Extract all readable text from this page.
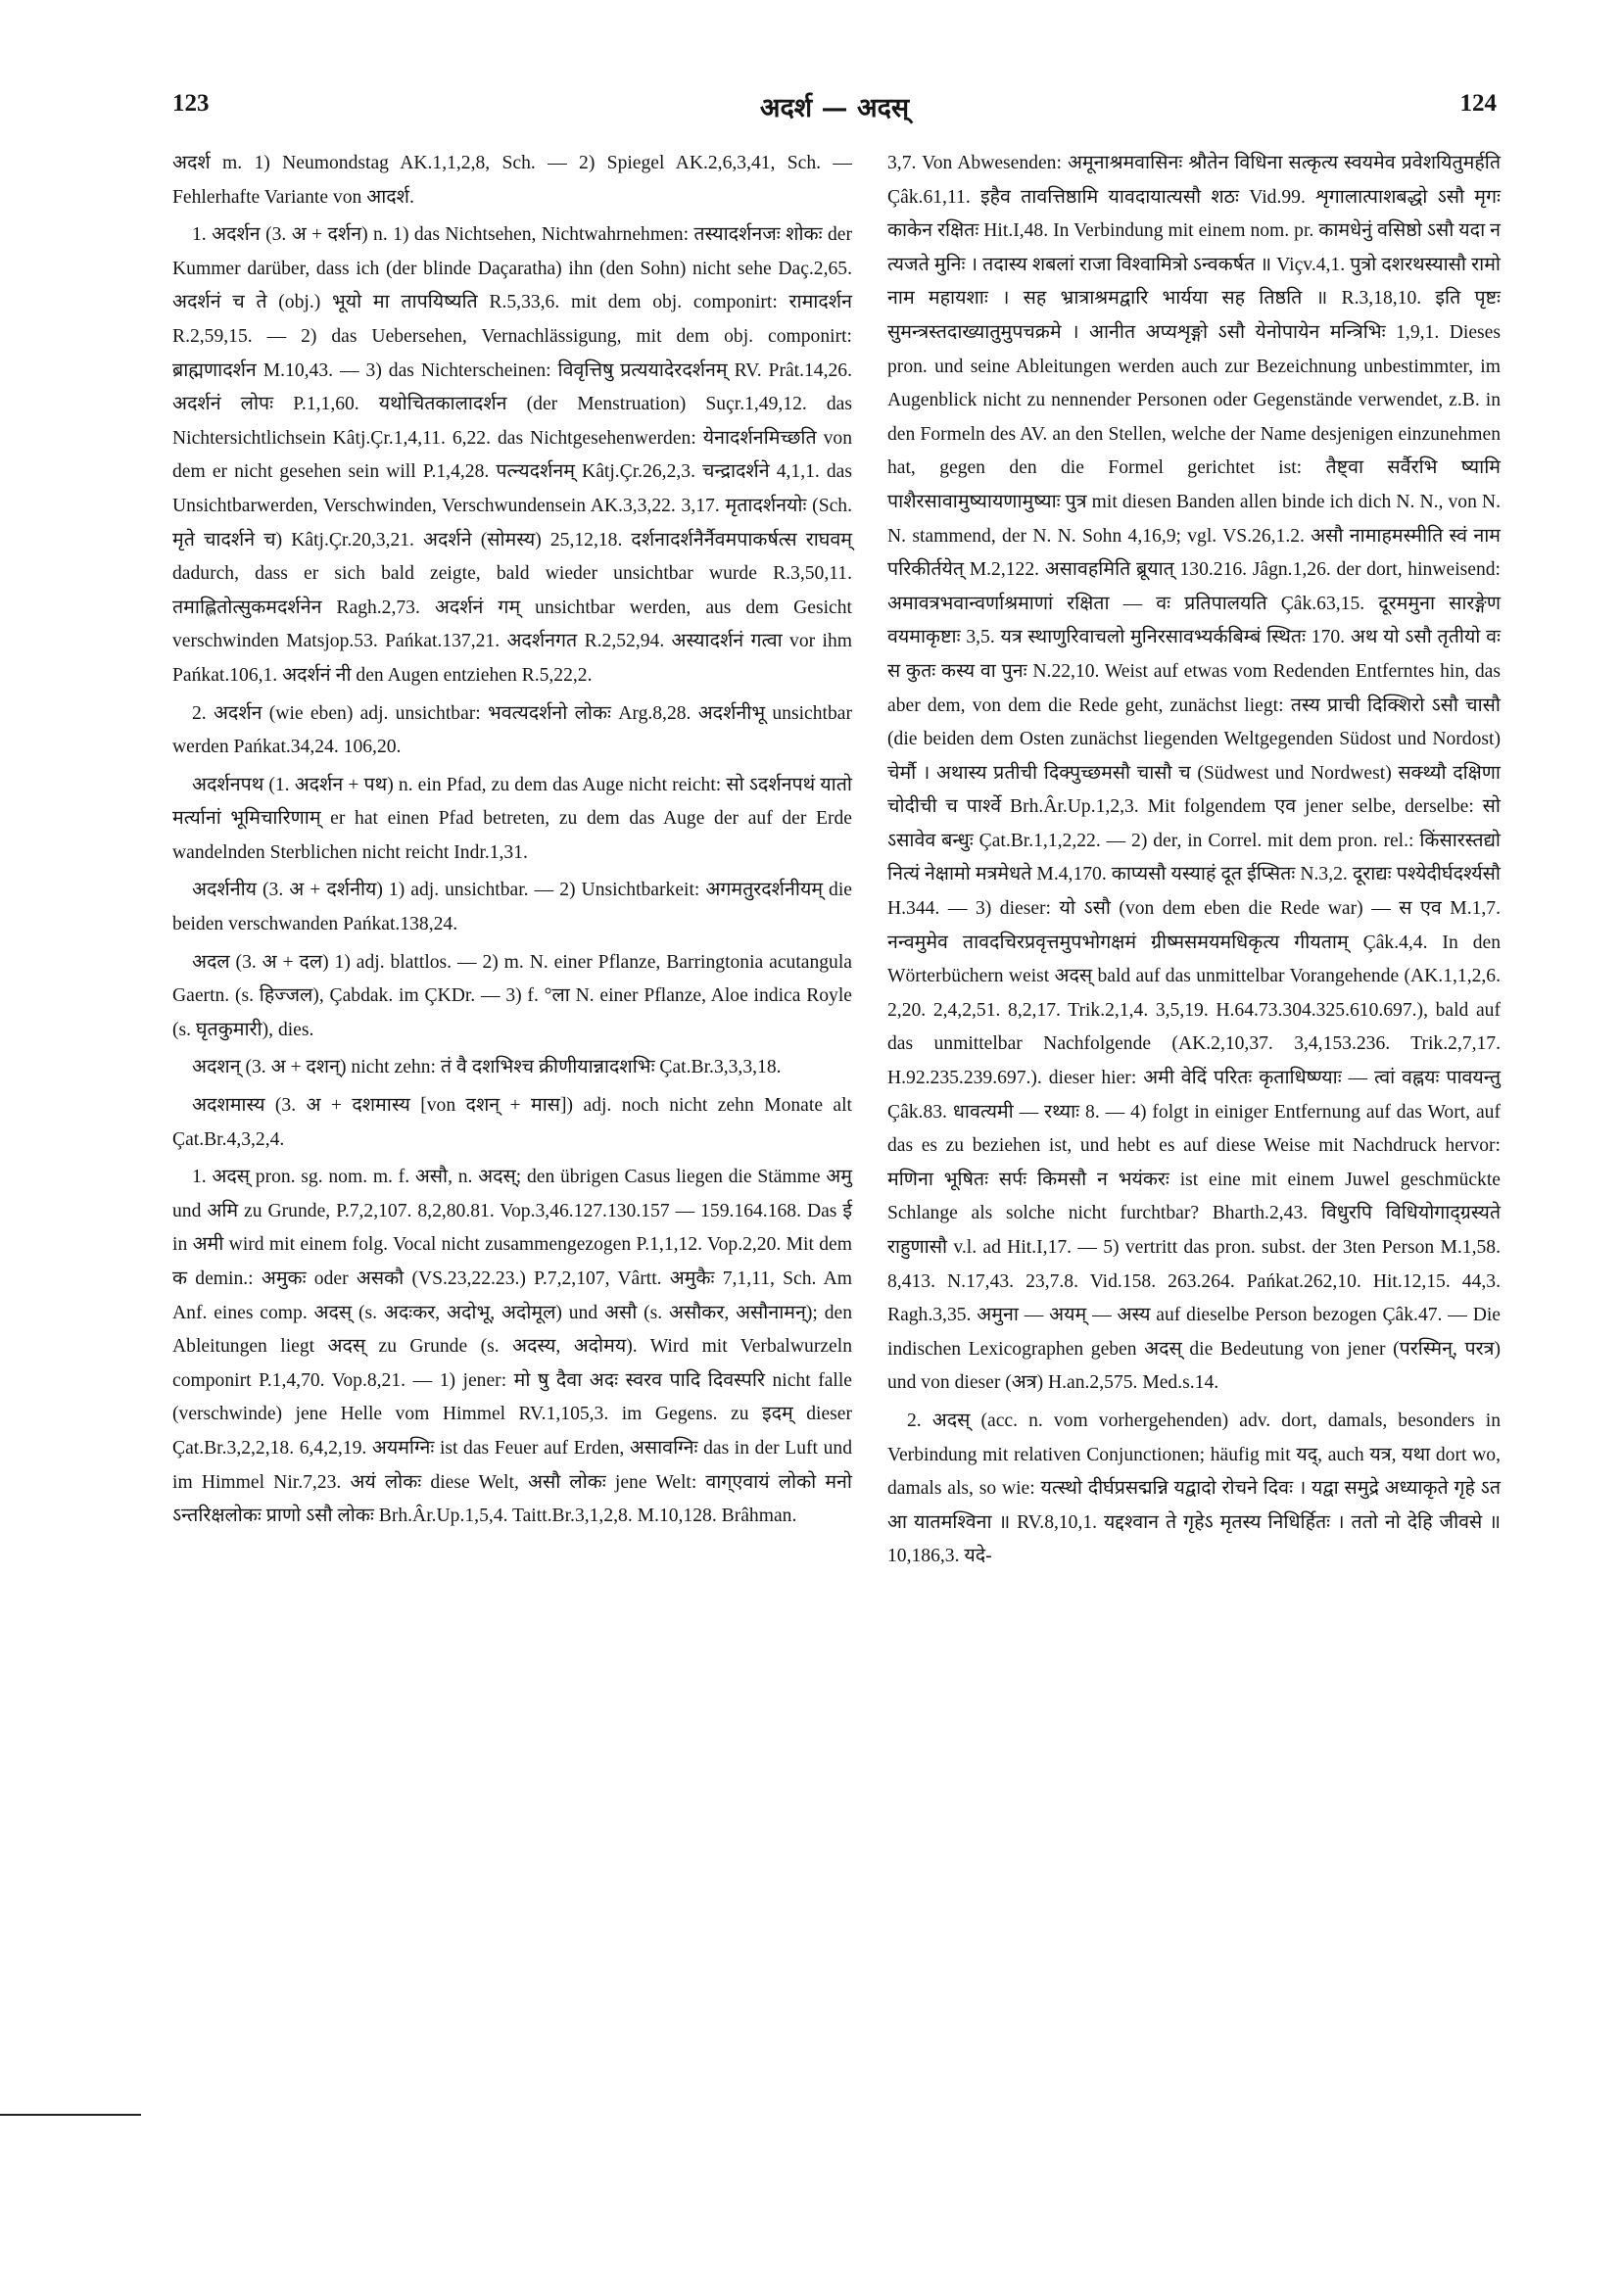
123	अदर्श — अदस्	124

अदर्श m. 1) Neumondstag AK.1,1,2,8, Sch. — 2) Spiegel AK.2,6,3,41, Sch. — Fehlerhafte Variante von आदर्श.

1. अदर्शन (3. अ + दर्शन) n. 1) das Nichtsehen, Nichtwahrnehmen: तस्यादर्शनजः शोकः der Kummer darüber, dass ich (der blinde Daçaratha) ihn (den Sohn) nicht sehe Daç.2,65. अदर्शनं च ते (obj.) भूयो मा तापयिष्यति R.5,33,6. mit dem obj. componirt: रामादर्शन R.2,59,15. — 2) das Uebersehen, Vernachlässigung, mit dem obj. componirt: ब्राह्मणादर्शन M.10,43. — 3) das Nichterscheinen: विवृत्तिषु प्रत्ययादेरदर्शनम् RV. Prât.14,26. अदर्शनं लोपः P.1,1,60. यथोचितकालादर्शन (der Menstruation) Suçr.1,49,12. das Nichtersichtlichsein Kâtj.Çr.1,4,11. 6,22. das Nichtgesehenwerden: येनादर्शनमिच्छति von dem er nicht gesehen sein will P.1,4,28. पत्न्यदर्शनम् Kâtj.Çr.26,2,3. चन्द्रादर्शने 4,1,1. das Unsichtbarwerden, Verschwinden, Verschwundensein AK.3,3,22. 3,17. मृतादर्शनयोः (Sch. मृते चादर्शने च) Kâtj.Çr.20,3,21. अदर्शने (सोमस्य) 25,12,18. दर्शनादर्शनैर्नैवमपाकर्षत्स राघवम् dadurch, dass er sich bald zeigte, bald wieder unsichtbar wurde R.3,50,11. तमाह्लितोत्सुकमदर्शनेन Ragh.2,73. अदर्शनं गम् unsichtbar werden, aus dem Gesicht verschwinden Matsjop.53. Pańkat.137,21. अदर्शनगत R.2,52,94. अस्यादर्शनं गत्वा vor ihm Pańkat.106,1. अदर्शनं नी den Augen entziehen R.5,22,2.

2. अदर्शन (wie eben) adj. unsichtbar: भवत्यदर्शनो लोकः Arg.8,28. अदर्शनीभू unsichtbar werden Pańkat.34,24. 106,20.

अदर्शनपथ (1. अदर्शन + पथ) n. ein Pfad, zu dem das Auge nicht reicht: सो ऽदर्शनपथं यातो मर्त्यानां भूमिचारिणाम् er hat einen Pfad betreten, zu dem das Auge der auf der Erde wandelnden Sterblichen nicht reicht Indr.1,31.

अदर्शनीय (3. अ + दर्शनीय) 1) adj. unsichtbar. — 2) Unsichtbarkeit: अगमतुरदर्शनीयम् die beiden verschwanden Pańkat.138,24.

अदल (3. अ + दल) 1) adj. blattlos. — 2) m. N. einer Pflanze, Barringtonia acutangula Gaertn. (s. हिज्जल), Çabdak. im ÇKDr. — 3) f. °ला N. einer Pflanze, Aloe indica Royle (s. घृतकुमारी), dies.

अदशन् (3. अ + दशन्) nicht zehn: तं वै दशभिश्च क्रीणीयान्नादशभिः Çat.Br.3,3,3,18.

अदशमास्य (3. अ + दशमास्य [von दशन् + मास]) adj. noch nicht zehn Monate alt Çat.Br.4,3,2,4.

1. अदस् pron. sg. nom. m. f. असौ, n. अदस्; den übrigen Casus liegen die Stämme अमु und अमि zu Grunde, P.7,2,107. 8,2,80.81. Vop.3,46.127.130.157 — 159.164.168. Das ई in अमी wird mit einem folg. Vocal nicht zusammengezogen P.1,1,12. Vop.2,20. Mit dem क demin.: अमुकः oder असकौ (VS.23,22.23.) P.7,2,107, Vârtt. अमुकैः 7,1,11, Sch. Am Anf. eines comp. अदस् (s. अदःकर, अदोभू, अदोमूल) und असौ (s. असौकर, असौनामन्); den Ableitungen liegt अदस् zu Grunde (s. अदस्य, अदोमय). Wird mit Verbalwurzeln componirt P.1,4,70. Vop.8,21. — 1) jener: मो षु दैवा अदः स्वरव पादि दिवस्परि nicht falle (verschwinde) jene Helle vom Himmel RV.1,105,3. im Gegens. zu इदम् dieser Çat.Br.3,2,2,18. 6,4,2,19. अयमग्निः ist das Feuer auf Erden, असावग्निः das in der Luft und im Himmel Nir.7,23. अयं लोकः diese Welt, असौ लोकः jene Welt: वाग्एवायं लोको मनो ऽन्तरिक्षलोकः प्राणो ऽसौ लोकः Brh.Âr.Up.1,5,4. Taitt.Br.3,1,2,8. M.10,128. Brâhman.

3,7. Von Abwesenden: अमूनाश्रमवासिनः श्रौतेन विधिना सत्कृत्य स्वयमेव प्रवेशयितुमर्हति Çâk.61,11. इहैव तावत्तिष्ठामि यावदायात्यसौ शठः Vid.99. शृगालात्पाशबद्धो ऽसौ मृगः काकेन रक्षितः Hit.I,48. In Verbindung mit einem nom. pr. कामधेनुं वसिष्ठो ऽसौ यदा न त्यजते मुनिः । तदास्य शबलां राजा विश्वामित्रो ऽन्वकर्षत ॥ Viçv.4,1. पुत्रो दशरथस्यासौ रामो नाम महायशाः । सह भ्रात्राश्रमद्वारि भार्यया सह तिष्ठति ॥ R.3,18,10. इति पृष्टः सुमन्त्रस्तदाख्यातुमुपचक्रमे । आनीत अप्यशृङ्गो ऽसौ येनोपायेन मन्त्रिभिः 1,9,1. Dieses pron. und seine Ableitungen werden auch zur Bezeichnung unbestimmter, im Augenblick nicht zu nennender Personen oder Gegenstände verwendet, z.B. in den Formeln des AV. an den Stellen, welche der Name desjenigen einzunehmen hat, gegen den die Formel gerichtet ist: तैष्ट्वा सर्वैरभि ष्यामि पाशैरसावामुष्यायणामुष्याः पुत्र mit diesen Banden allen binde ich dich N. N., von N. N. stammend, der N. N. Sohn 4,16,9; vgl. VS.26,1.2. असौ नामाहमस्मीति स्वं नाम परिकीर्तयेत् M.2,122. असावहमिति ब्रूयात् 130.216. Jâgn.1,26. der dort, hinweisend: अमावत्रभवान्वर्णाश्रमाणां रक्षिता — वः प्रतिपालयति Çâk.63,15. दूरममुना सारङ्गेण वयमाकृष्टाः 3,5. यत्र स्थाणुरिवाचलो मुनिरसावभ्यर्कबिम्बं स्थितः 170. अथ यो ऽसौ तृतीयो वः स कुतः कस्य वा पुनः N.22,10. Weist auf etwas vom Redenden Entferntes hin, das aber dem, von dem die Rede geht, zunächst liegt: तस्य प्राची दिक्शिरो ऽसौ चासौ (die beiden dem Osten zunächst liegenden Weltgegenden Südost und Nordost) चेर्मौ । अथास्य प्रतीची दिक्पुच्छमसौ चासौ च (Südwest und Nordwest) सक्थ्यौ दक्षिणा चोदीची च पार्श्वे Brh.Âr.Up.1,2,3. Mit folgendem एव jener selbe, derselbe: सो ऽसावेव बन्धुः Çat.Br.1,1,2,22. — 2) der, in Correl. mit dem pron. rel.: किंसारस्तद्यो नित्यं नेक्षामो मत्रमेधते M.4,170. काप्यसौ यस्याहं दूत ईप्सितः N.3,2. दूराद्यः पश्येदीर्घदर्श्यसौ H.344. — 3) dieser: यो ऽसौ (von dem eben die Rede war) — स एव M.1,7. नन्वमुमेव तावदचिरप्रवृत्तमुपभोगक्षमं ग्रीष्मसमयमधिकृत्य गीयताम् Çâk.4,4. In den Wörterbüchern weist अदस् bald auf das unmittelbar Vorangehende (AK.1,1,2,6. 2,20. 2,4,2,51. 8,2,17. Trik.2,1,4. 3,5,19. H.64.73.304.325.610.697.), bald auf das unmittelbar Nachfolgende (AK.2,10,37. 3,4,153.236. Trik.2,7,17. H.92.235.239.697.). dieser hier: अमी वेदिं परितः कृताधिष्ण्याः — त्वां वह्नयः पावयन्तु Çâk.83. धावत्यमी — रथ्याः 8. — 4) folgt in einiger Entfernung auf das Wort, auf das es zu beziehen ist, und hebt es auf diese Weise mit Nachdruck hervor: मणिना भूषितः सर्पः किमसौ न भयंकरः ist eine mit einem Juwel geschmückte Schlange als solche nicht furchtbar? Bharth.2,43. विधुरपि विधियोगाद्ग्रस्यते राहुणासौ v.l. ad Hit.I,17. — 5) vertritt das pron. subst. der 3ten Person M.1,58. 8,413. N.17,43. 23,7.8. Vid.158. 263.264. Pańkat.262,10. Hit.12,15. 44,3. Ragh.3,35. अमुना — अयम् — अस्य auf dieselbe Person bezogen Çâk.47. — Die indischen Lexicographen geben अदस् die Bedeutung von jener (परस्मिन्, परत्र) und von dieser (अत्र) H.an.2,575. Med.s.14.

2. अदस् (acc. n. vom vorhergehenden) adv. dort, damals, besonders in Verbindung mit relativen Conjunctionen; häufig mit यद्, auch यत्र, यथा dort wo, damals als, so wie: यत्स्थो दीर्घप्रसद्मन्नि यद्वादो रोचने दिवः । यद्वा समुद्रे अध्याकृते गृहे ऽत आ यातमश्विना ॥ RV.8,10,1. यद्दश्वान ते गृहेऽ मृतस्य निधिर्हितः । ततो नो देहि जीवसे ॥ 10,186,3. यदे-
